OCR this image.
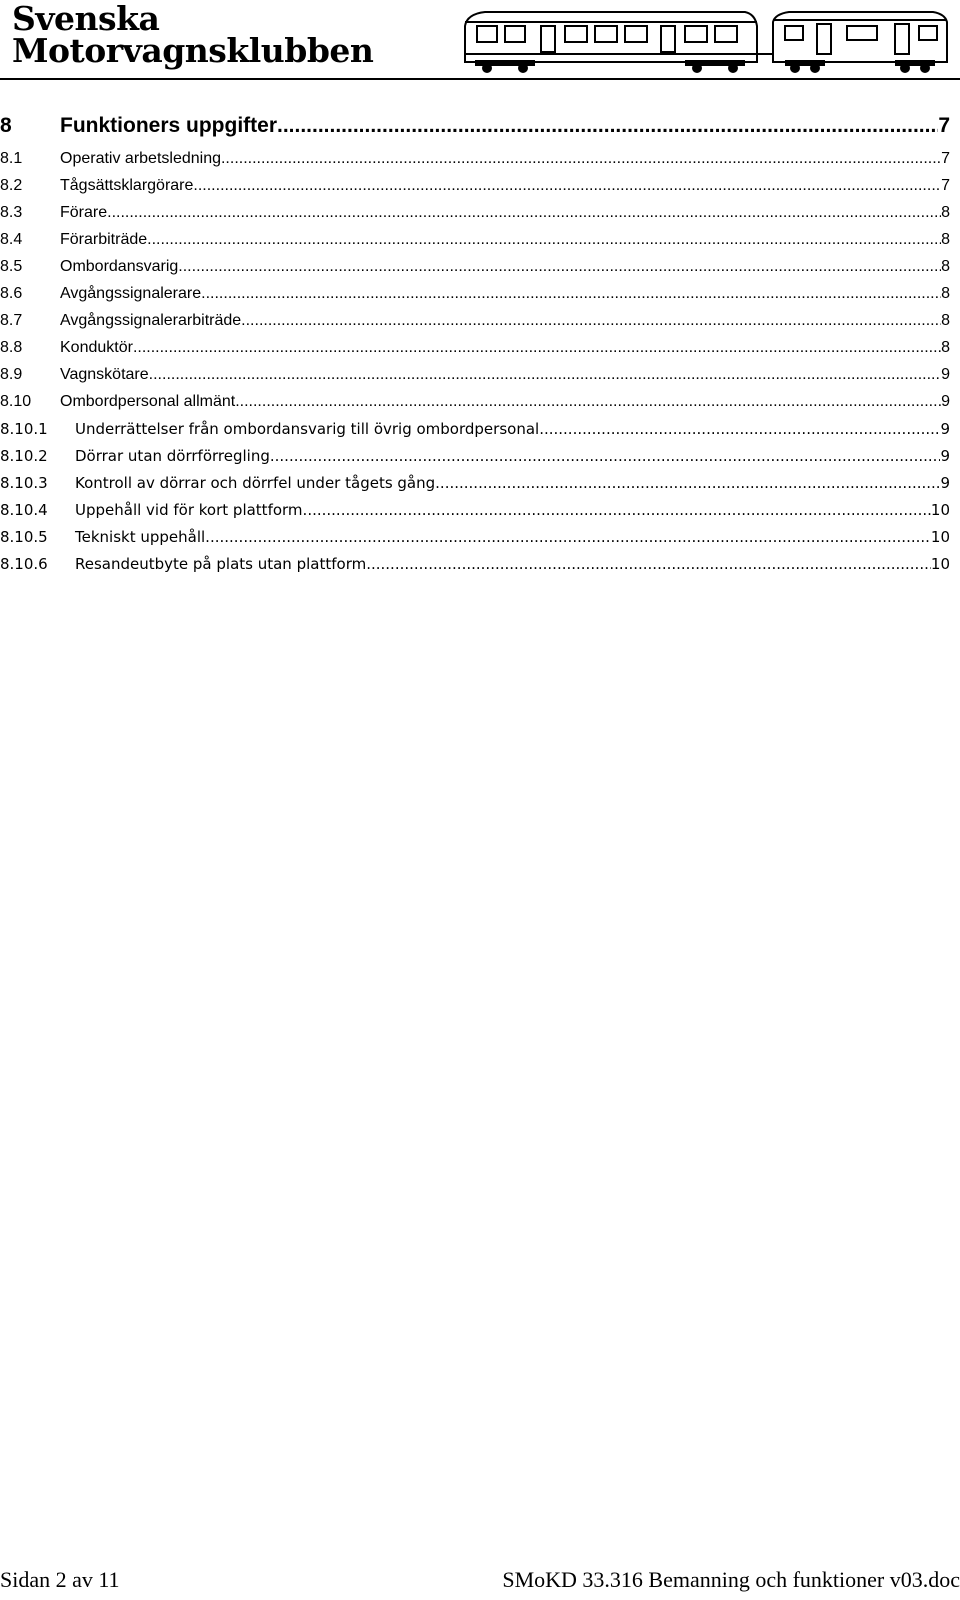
Svenska
Motorvagnsklubben
8	Funktioners uppgifter .....	7
8.1	Operativ arbetsledning .....	7
8.2	Tågsättsklargörare .....	7
8.3	Förare .....	8
8.4	Förarbiträde .....	8
8.5	Ombordansvarig .....	8
8.6	Avgångssignalerare .....	8
8.7	Avgångssignalerarbiträde .....	8
8.8	Konduktör .....	8
8.9	Vagnskötare .....	9
8.10	Ombordpersonal allmänt .....	9
8.10.1	Underrättelser från ombordansvarig till övrig ombordpersonal .....	9
8.10.2	Dörrar utan dörrförregling .....	9
8.10.3	Kontroll av dörrar och dörrfel under tågets gång .....	9
8.10.4	Uppehåll vid för kort plattform .....	10
8.10.5	Tekniskt uppehåll .....	10
8.10.6	Resandeutbyte på plats utan plattform .....	10
Sidan 2 av 11	SMoKD 33.316 Bemanning och funktioner v03.doc
